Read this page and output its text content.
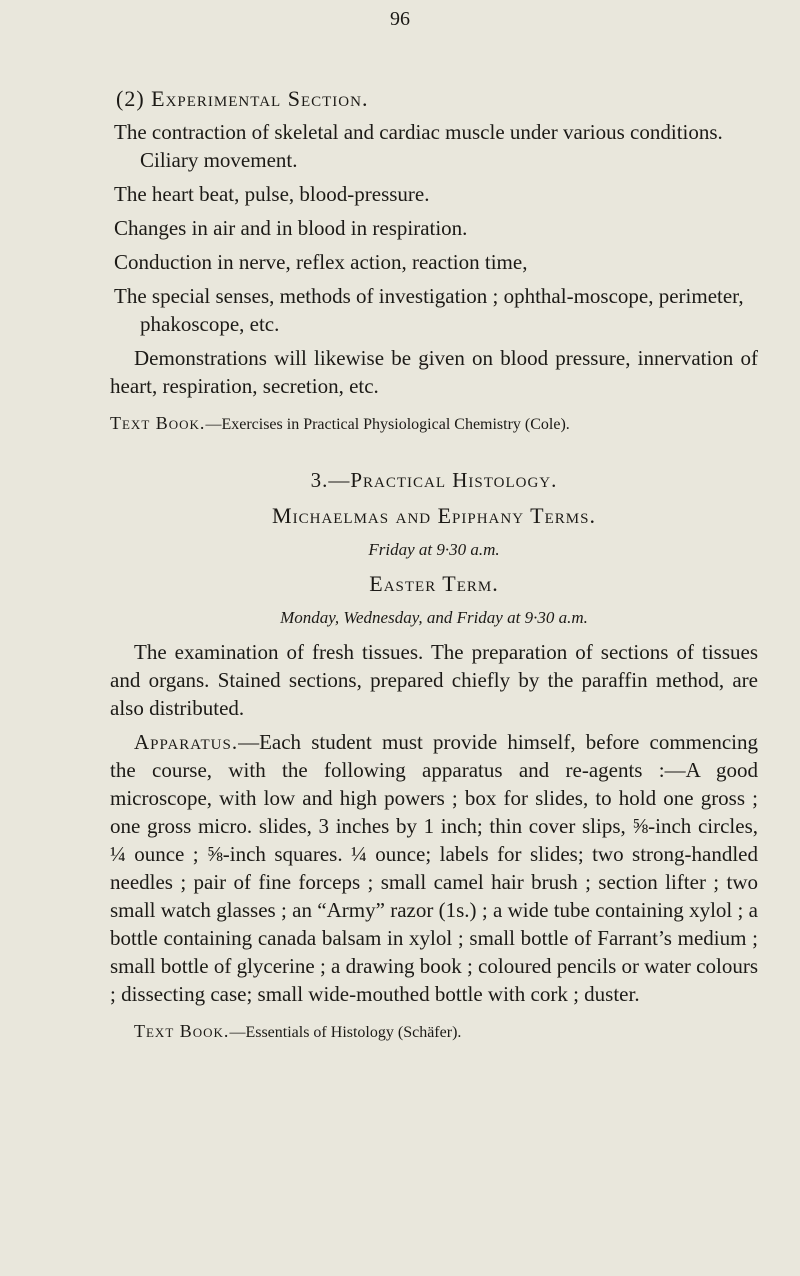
96
(2) Experimental Section.
The contraction of skeletal and cardiac muscle under various conditions. Ciliary movement.
The heart beat, pulse, blood-pressure.
Changes in air and in blood in respiration.
Conduction in nerve, reflex action, reaction time,
The special senses, methods of investigation ; ophthal-moscope, perimeter, phakoscope, etc.

Demonstrations will likewise be given on blood pressure, innervation of heart, respiration, secretion, etc.

Text Book.—Exercises in Practical Physiological Chemistry (Cole).

3.—Practical Histology.
Michaelmas and Epiphany Terms.
Friday at 9·30 a.m.
Easter Term.
Monday, Wednesday, and Friday at 9·30 a.m.

The examination of fresh tissues. The preparation of sections of tissues and organs. Stained sections, prepared chiefly by the paraffin method, are also distributed.

Apparatus.—Each student must provide himself, before commencing the course, with the following apparatus and re-agents :—A good microscope, with low and high powers ; box for slides, to hold one gross ; one gross micro. slides, 3 inches by 1 inch; thin cover slips, ⅝-inch circles, ¼ ounce ; ⅝-inch squares. ¼ ounce; labels for slides; two strong-handled needles ; pair of fine forceps ; small camel hair brush ; section lifter ; two small watch glasses ; an “Army” razor (1s.) ; a wide tube containing xylol ; a bottle containing canada balsam in xylol ; small bottle of Farrant’s medium ; small bottle of glycerine ; a drawing book ; coloured pencils or water colours ; dissecting case; small wide-mouthed bottle with cork ; duster.

Text Book.—Essentials of Histology (Schäfer).
